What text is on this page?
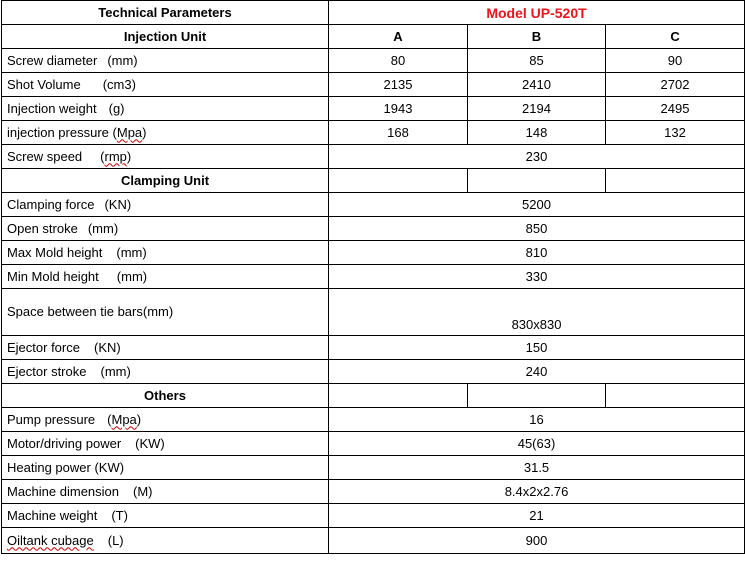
Technical Parameters	Model UP-520T		
Injection Unit	A	B	C
Screw diameter (mm)	80	85	90
Shot Volume (cm3)	2135	2410	2702
Injection weight (g)	1943	2194	2495
injection pressure (Mpa)	168	148	132
Screw speed (rmp)	230		
Clamping Unit			
Clamping force (KN)	5200		
Open stroke (mm)	850		
Max Mold height (mm)	810		
Min Mold height (mm)	330		
Space between tie bars(mm)	830x830		
Ejector force (KN)	150		
Ejector stroke (mm)	240		
Others			
Pump pressure (Mpa)	16		
Motor/driving power (KW)	45(63)		
Heating power (KW)	31.5		
Machine dimension (M)	8.4x2x2.76		
Machine weight (T)	21		
Oiltank cubage (L)	900		
